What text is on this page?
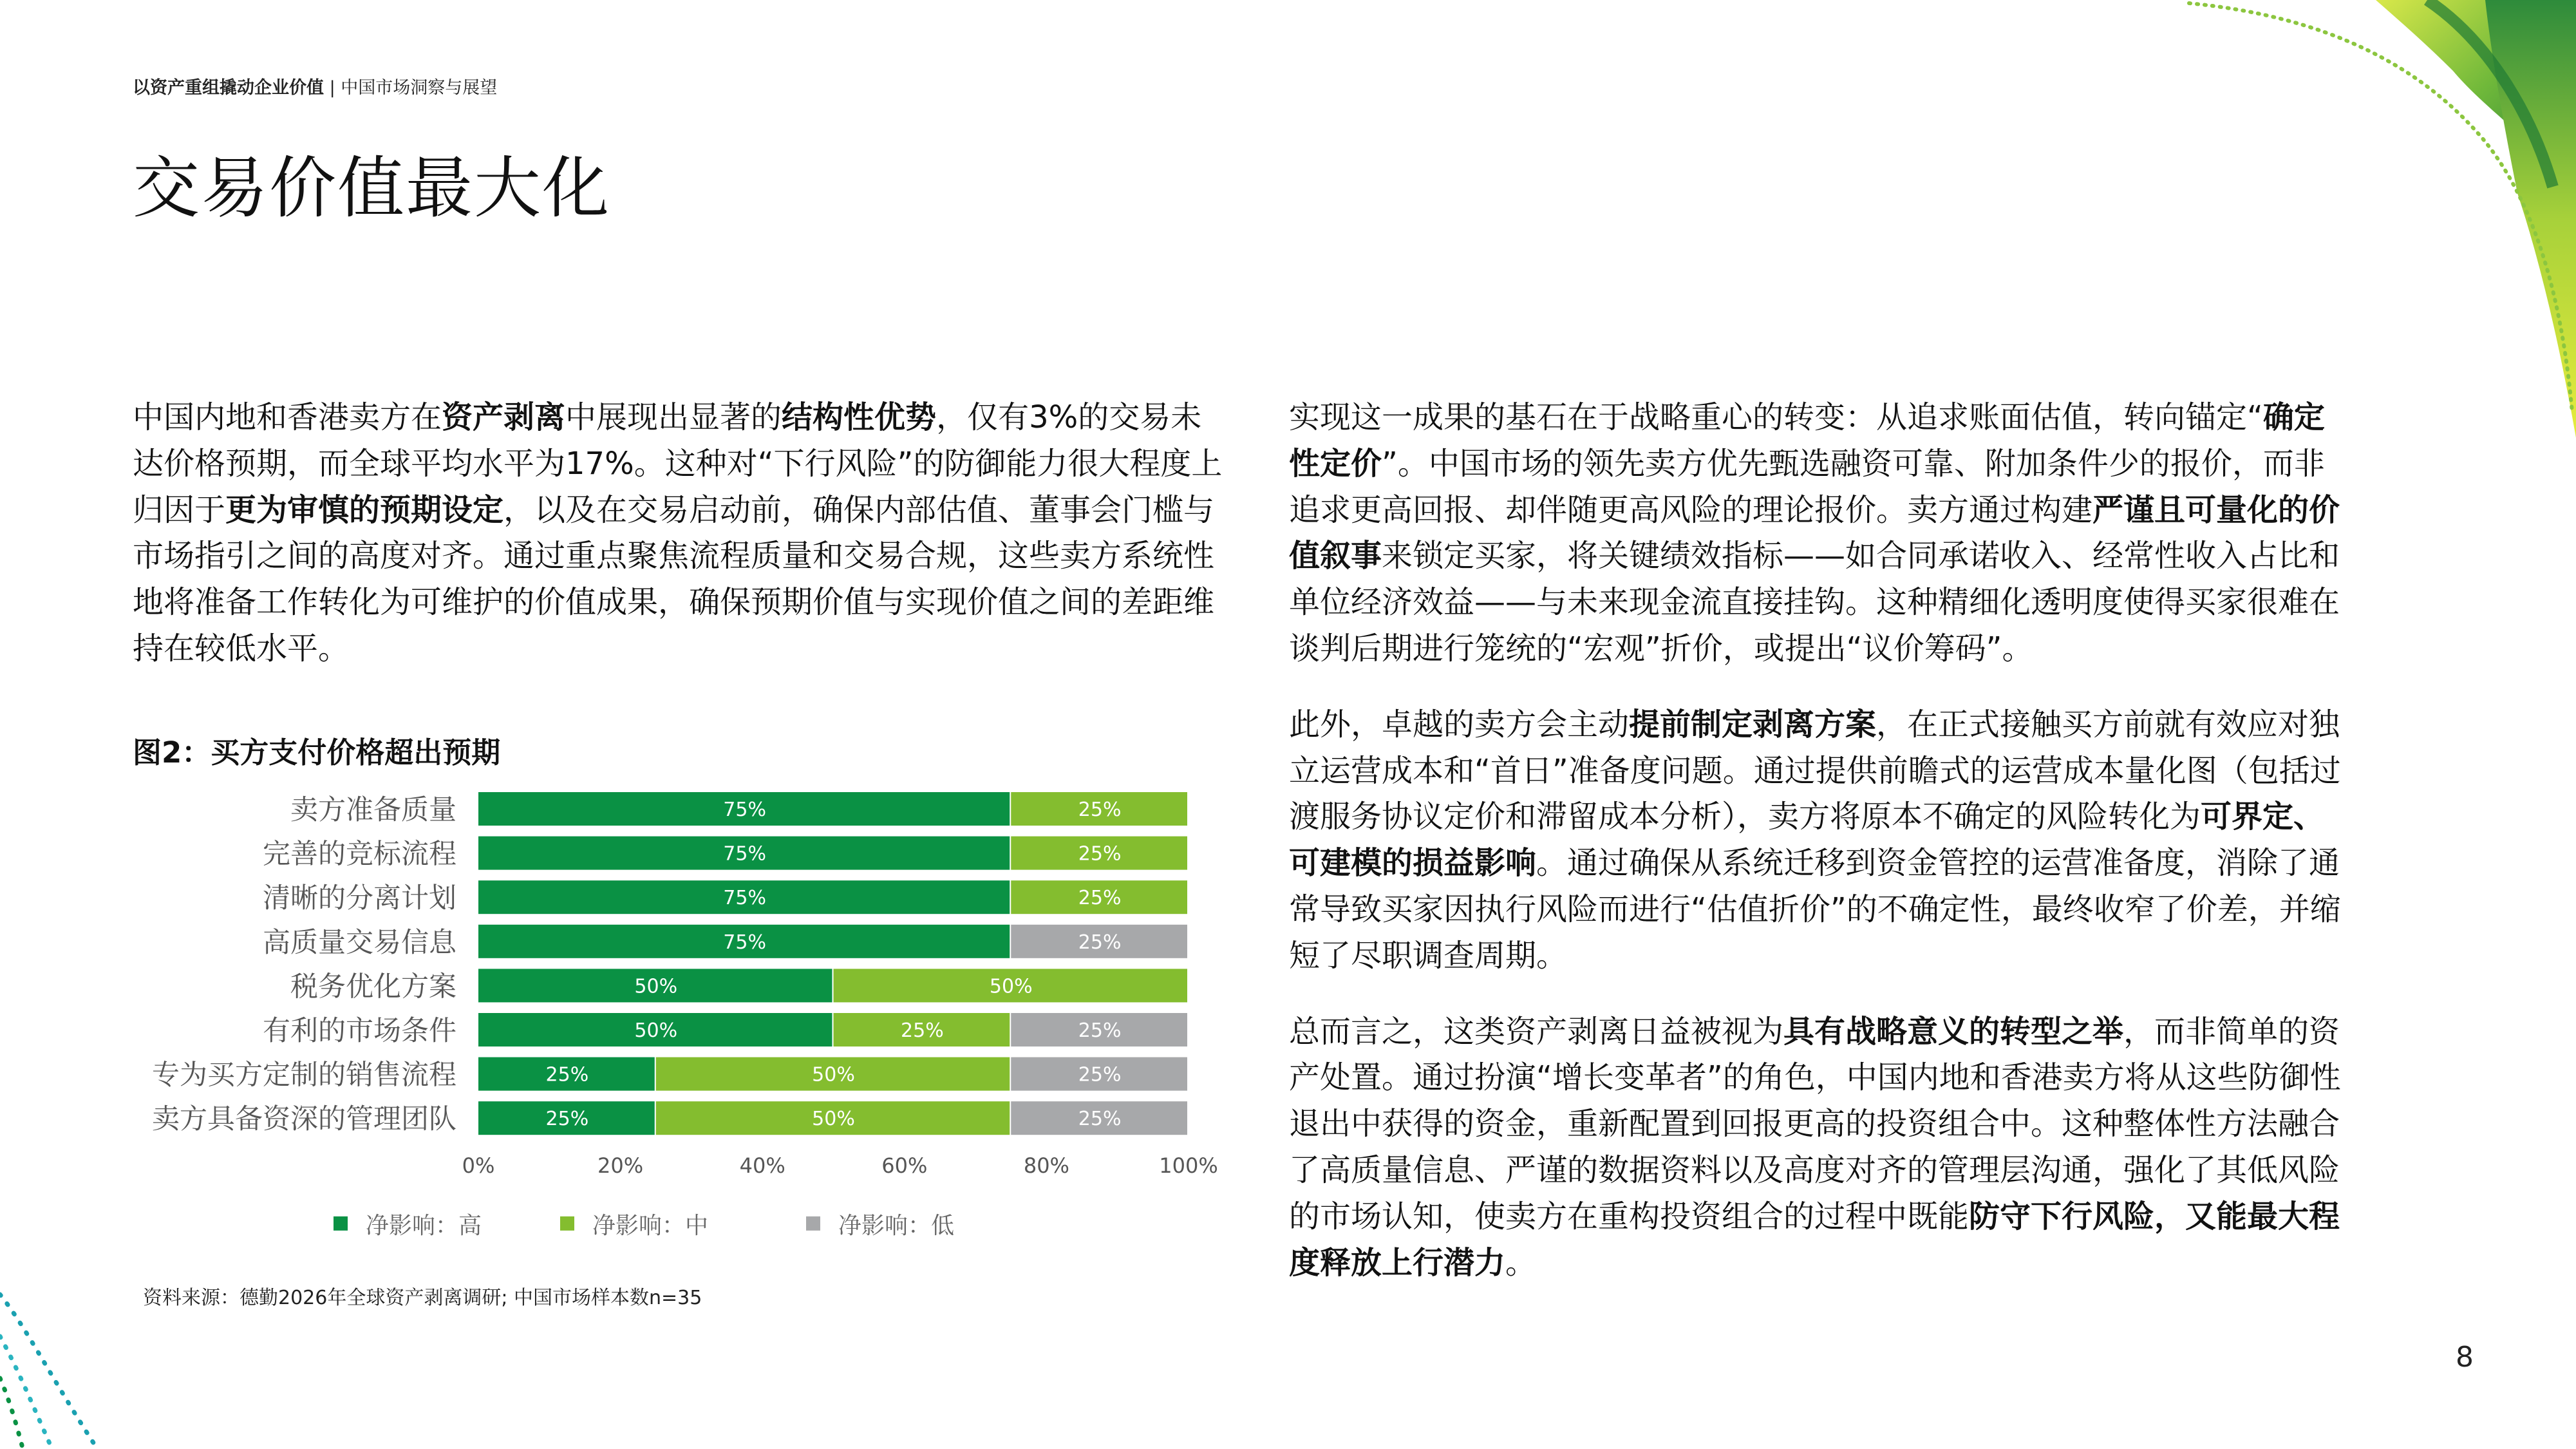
以资产重组撬动企业价值 | 中国市场洞察与展望
交易价值最大化
中国内地和香港卖方在资产剥离中展现出显著的结构性优势，仅有3%的交易未达价格预期，而全球平均水平为17%。这种对“下行风险”的防御能力很大程度上归因于更为审慎的预期设定，以及在交易启动前，确保内部估值、董事会门槛与市场指引之间的高度对齐。通过重点聚焦流程质量和交易合规，这些卖方系统性地将准备工作转化为可维护的价值成果，确保预期价值与实现价值之间的差距维持在较低水平。
图2：买方支付价格超出预期
卖方准备质量	75%	25%
完善的竞标流程	75%	25%
清晰的分离计划	75%	25%
高质量交易信息	75%	25%
税务优化方案	50%	50%
有利的市场条件	50%	25%	25%
专为买方定制的销售流程	25%	50%	25%
卖方具备资深的管理团队	25%	50%	25%
0%	20%	40%	60%	80%	100%
净影响：高	净影响：中	净影响：低
资料来源：德勤2026年全球资产剥离调研; 中国市场样本数n=35

实现这一成果的基石在于战略重心的转变：从追求账面估值，转向锚定“确定性定价”。中国市场的领先卖方优先甄选融资可靠、附加条件少的报价，而非追求更高回报、却伴随更高风险的理论报价。卖方通过构建严谨且可量化的价值叙事来锁定买家，将关键绩效指标——如合同承诺收入、经常性收入占比和单位经济效益——与未来现金流直接挂钩。这种精细化透明度使得买家很难在谈判后期进行笼统的“宏观”折价，或提出“议价筹码”。

此外，卓越的卖方会主动提前制定剥离方案，在正式接触买方前就有效应对独立运营成本和“首日”准备度问题。通过提供前瞻式的运营成本量化图（包括过渡服务协议定价和滞留成本分析），卖方将原本不确定的风险转化为可界定、可建模的损益影响。通过确保从系统迁移到资金管控的运营准备度，消除了通常导致买家因执行风险而进行“估值折价”的不确定性，最终收窄了价差，并缩短了尽职调查周期。

总而言之，这类资产剥离日益被视为具有战略意义的转型之举，而非简单的资产处置。通过扮演“增长变革者”的角色，中国内地和香港卖方将从这些防御性退出中获得的资金，重新配置到回报更高的投资组合中。这种整体性方法融合了高质量信息、严谨的数据资料以及高度对齐的管理层沟通，强化了其低风险的市场认知，使卖方在重构投资组合的过程中既能防守下行风险，又能最大程度释放上行潜力。

8
